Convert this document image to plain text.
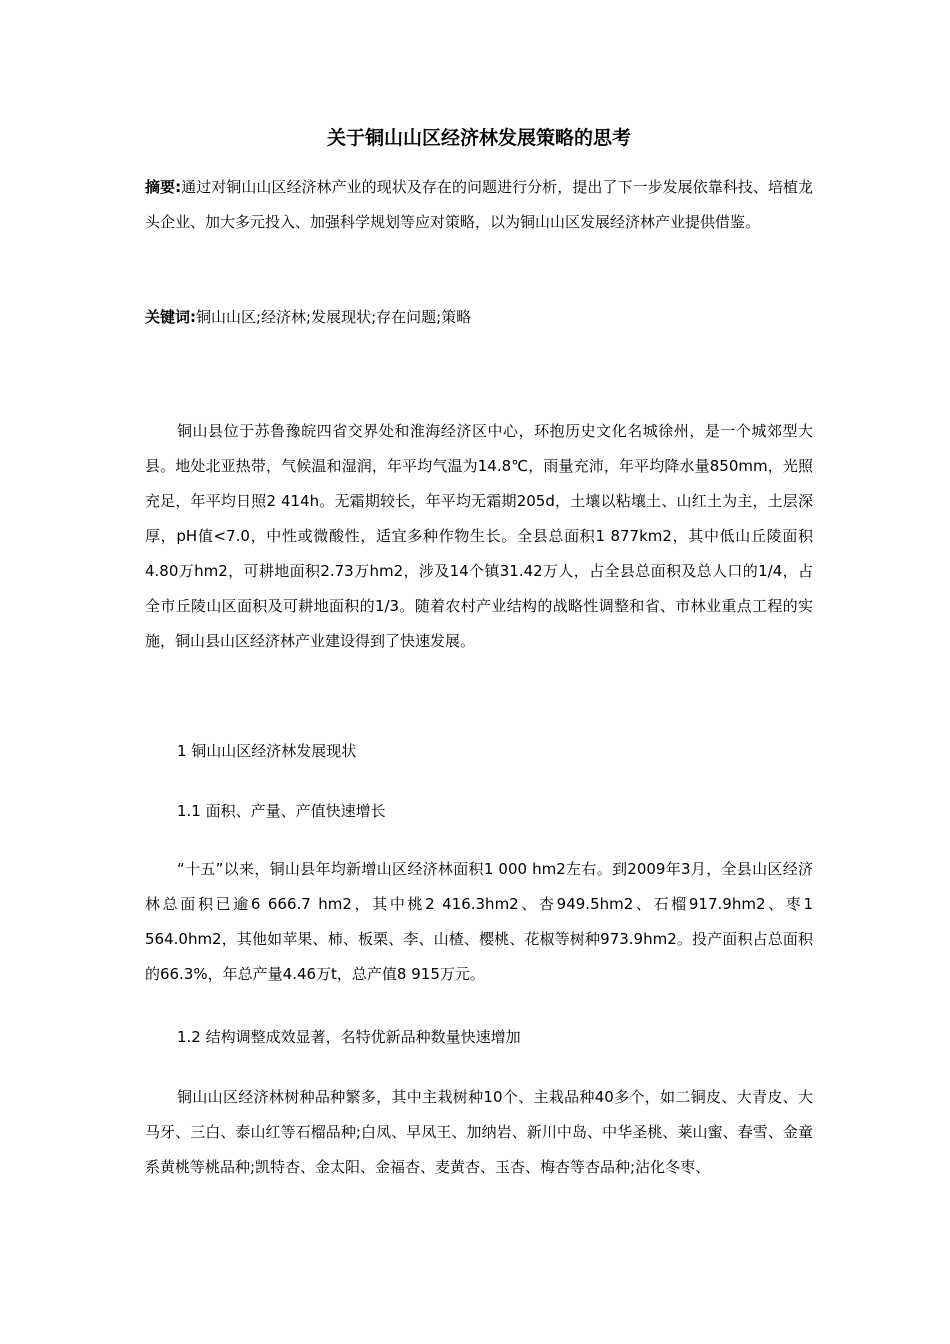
关于铜山山区经济林发展策略的思考

摘要:通过对铜山山区经济林产业的现状及存在的问题进行分析，提出了下一步发展依靠科技、培植龙头企业、加大多元投入、加强科学规划等应对策略，以为铜山山区发展经济林产业提供借鉴。

关键词:铜山山区;经济林;发展现状;存在问题;策略

铜山县位于苏鲁豫皖四省交界处和淮海经济区中心，环抱历史文化名城徐州，是一个城郊型大县。地处北亚热带，气候温和湿润，年平均气温为14.8℃，雨量充沛，年平均降水量850mm，光照充足，年平均日照2 414h。无霜期较长，年平均无霜期205d，土壤以粘壤土、山红土为主，土层深厚，pH值<7.0，中性或微酸性，适宜多种作物生长。全县总面积1 877km2，其中低山丘陵面积4.80万hm2，可耕地面积2.73万hm2，涉及14个镇31.42万人，占全县总面积及总人口的1/4，占全市丘陵山区面积及可耕地面积的1/3。随着农村产业结构的战略性调整和省、市林业重点工程的实施，铜山县山区经济林产业建设得到了快速发展。

1 铜山山区经济林发展现状
1.1 面积、产量、产值快速增长

“十五”以来，铜山县年均新增山区经济林面积1 000 hm2左右。到2009年3月，全县山区经济林总面积已逾6 666.7 hm2，其中桃2 416.3hm2、杏949.5hm2、石榴917.9hm2、枣1 564.0hm2，其他如苹果、柿、板栗、李、山楂、樱桃、花椒等树种973.9hm2。投产面积占总面积的66.3%，年总产量4.46万t，总产值8 915万元。

1.2 结构调整成效显著，名特优新品种数量快速增加

铜山山区经济林树种品种繁多，其中主栽树种10个、主栽品种40多个，如二铜皮、大青皮、大马牙、三白、泰山红等石榴品种;白凤、早凤王、加纳岩、新川中岛、中华圣桃、莱山蜜、春雪、金童系黄桃等桃品种;凯特杏、金太阳、金福杏、麦黄杏、玉杏、梅杏等杏品种;沾化冬枣、
